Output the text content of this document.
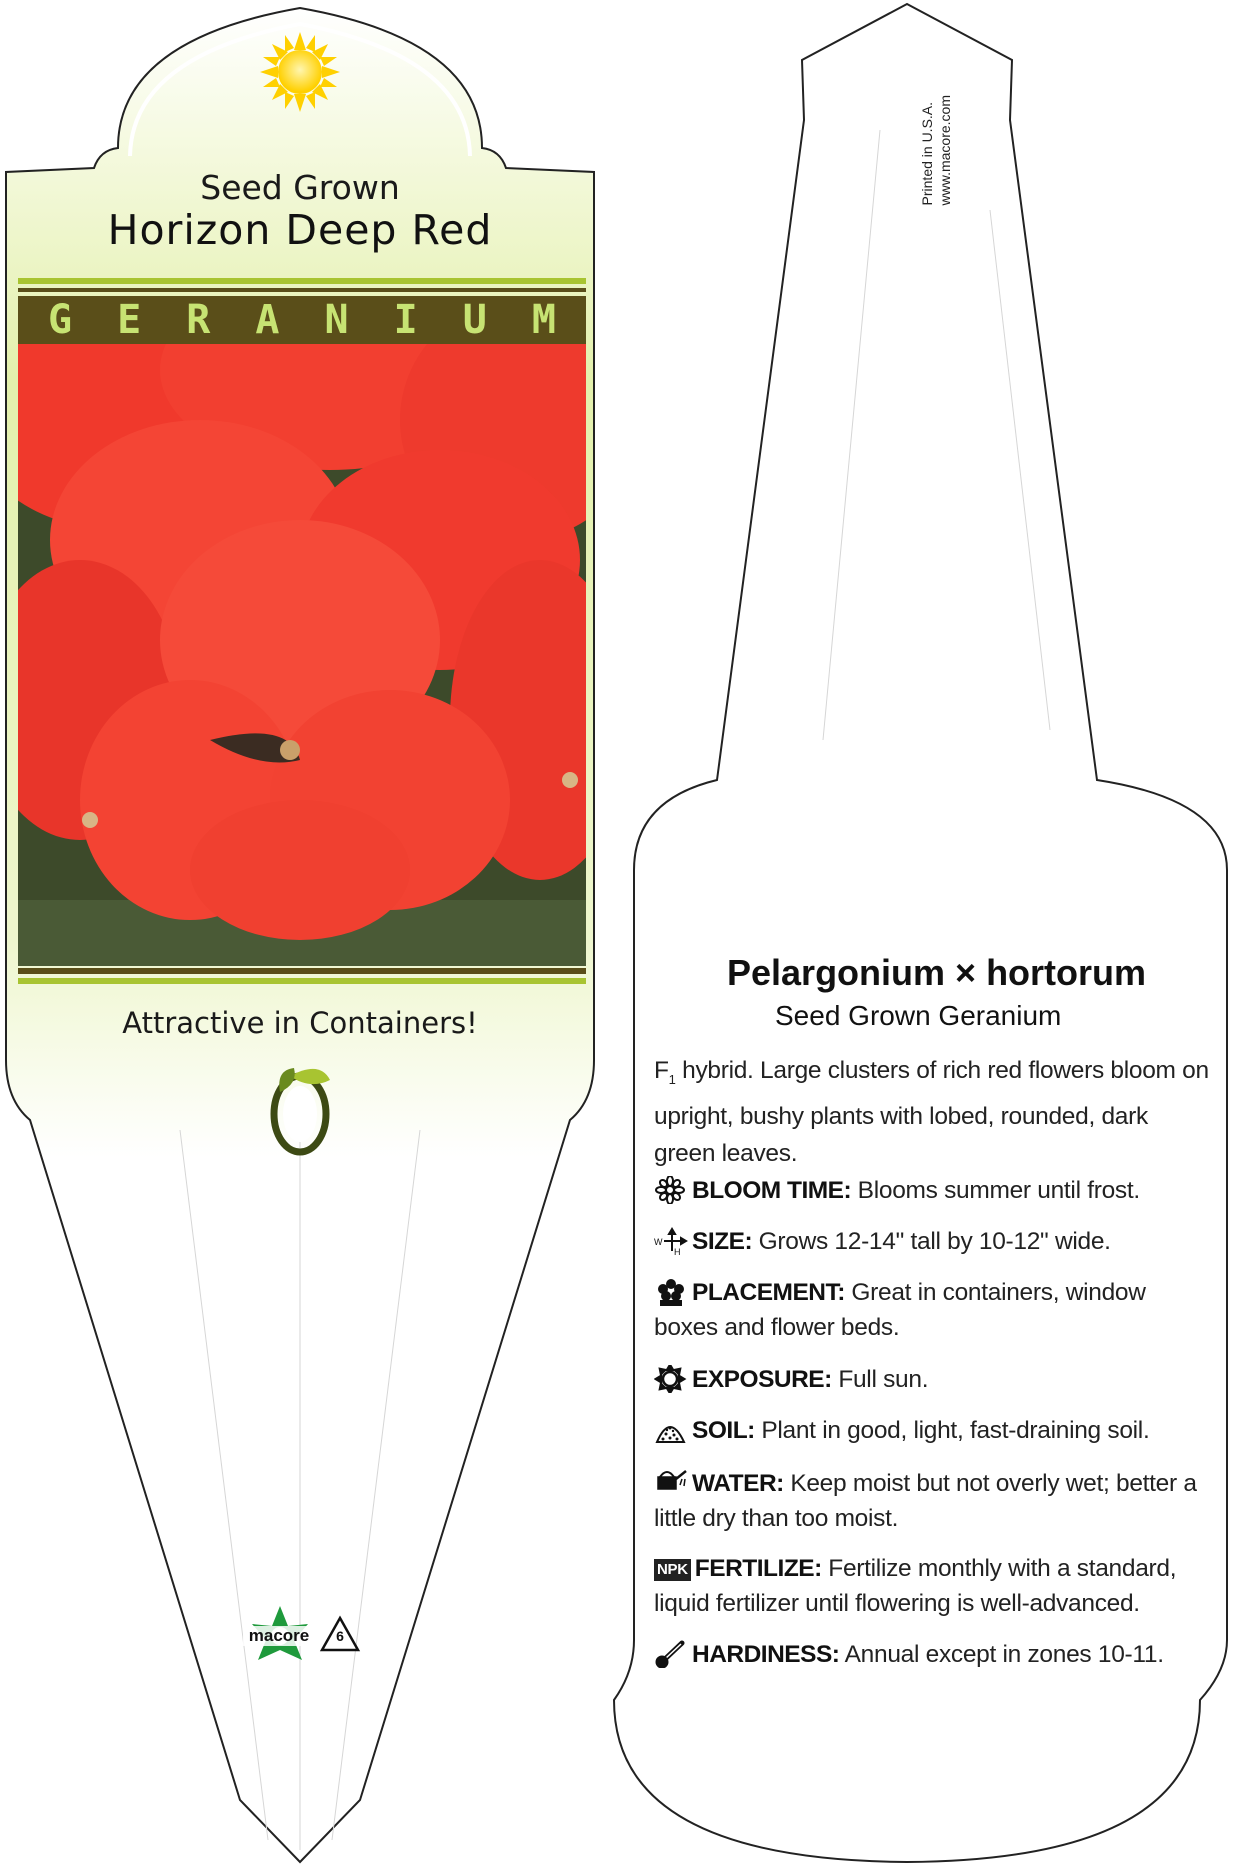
Seed Grown
Horizon Deep Red
G E R A N I U M
Attractive in Containers!
macore	6
Printed in U.S.A. www.macore.com
Pelargonium × hortorum
Seed Grown Geranium
$F_1$ hybrid. Large clusters of rich red flowers bloom on upright, bushy plants with lobed, rounded, dark green leaves.
BLOOM TIME: Blooms summer until frost.
W
H SIZE: Grows 12-14" tall by 10-12" wide.
PLACEMENT: Great in containers, window boxes and flower beds.
EXPOSURE: Full sun.
SOIL: Plant in good, light, fast-draining soil.
WATER: Keep moist but not overly wet; better a little dry than too moist.
NPK FERTILIZE: Fertilize monthly with a standard, liquid fertilizer until flowering is well-advanced.
HARDINESS: Annual except in zones 10-11.
